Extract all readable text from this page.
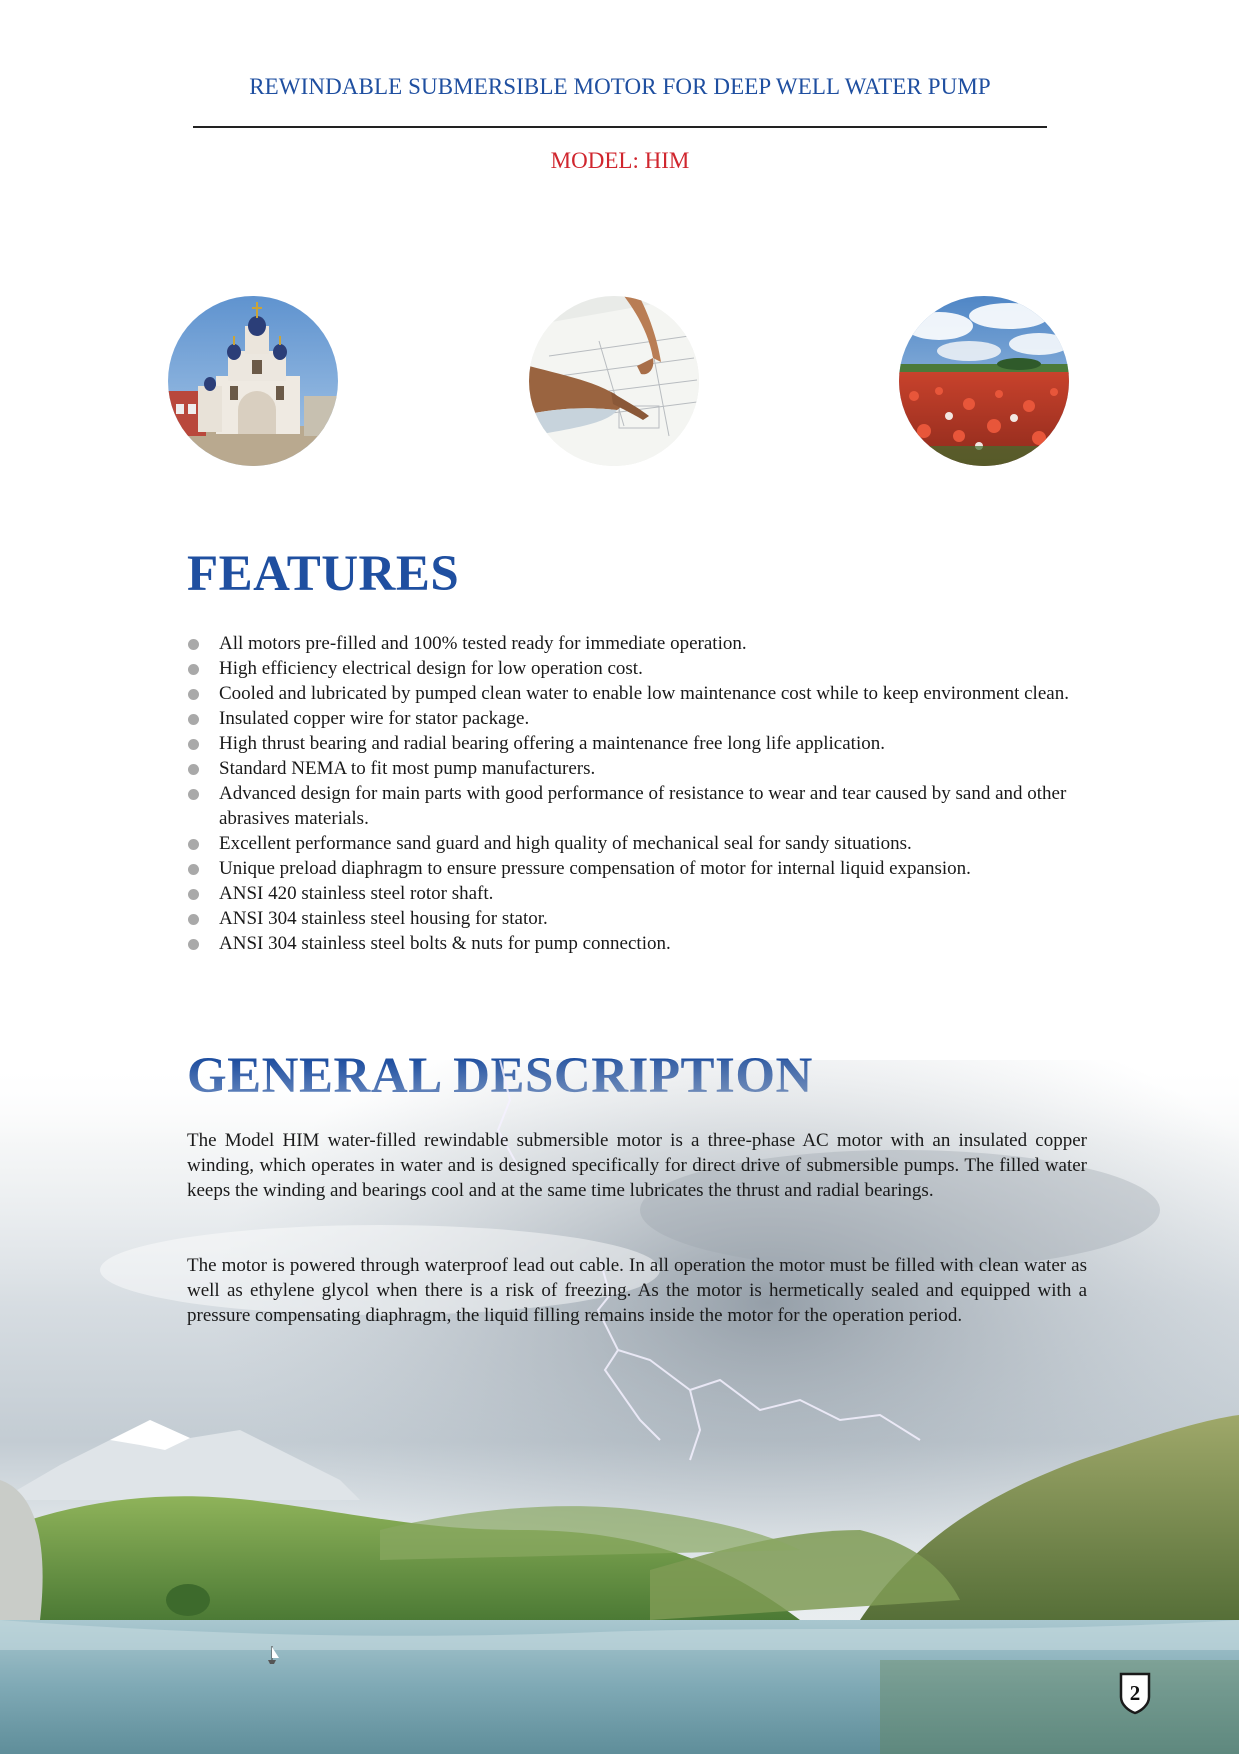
REWINDABLE SUBMERSIBLE MOTOR FOR DEEP WELL WATER PUMP
MODEL: HIM
FEATURES
All motors pre-filled and 100% tested ready for immediate operation.
High efficiency electrical design for low operation cost.
Cooled and lubricated by pumped clean water to enable low maintenance cost while to keep environment clean.
Insulated copper wire for stator package.
High thrust bearing and radial bearing offering a maintenance free long life application.
Standard NEMA to fit most pump manufacturers.
Advanced design for main parts with good performance of resistance to wear and tear caused by sand and other abrasives materials.
Excellent performance sand guard and high quality of mechanical seal for sandy situations.
Unique preload diaphragm to ensure pressure compensation of motor for internal liquid expansion.
ANSI 420 stainless steel rotor shaft.
ANSI 304 stainless steel housing for stator.
ANSI 304 stainless steel bolts & nuts for pump connection.

The Model HIM water-filled rewindable submersible motor is a three-phase AC motor with an insulated copper winding, which operates in water and is designed specifically for direct drive of submersible pumps. The filled water keeps the winding and bearings cool and at the same time lubricates the thrust and radial bearings.

The motor is powered through waterproof lead out cable. In all operation the motor must be filled with clean water as well as ethylene glycol when there is a risk of freezing. As the motor is hermetically sealed and equipped with a pressure compensating diaphragm, the liquid filling remains inside the motor for the operation period.

2
